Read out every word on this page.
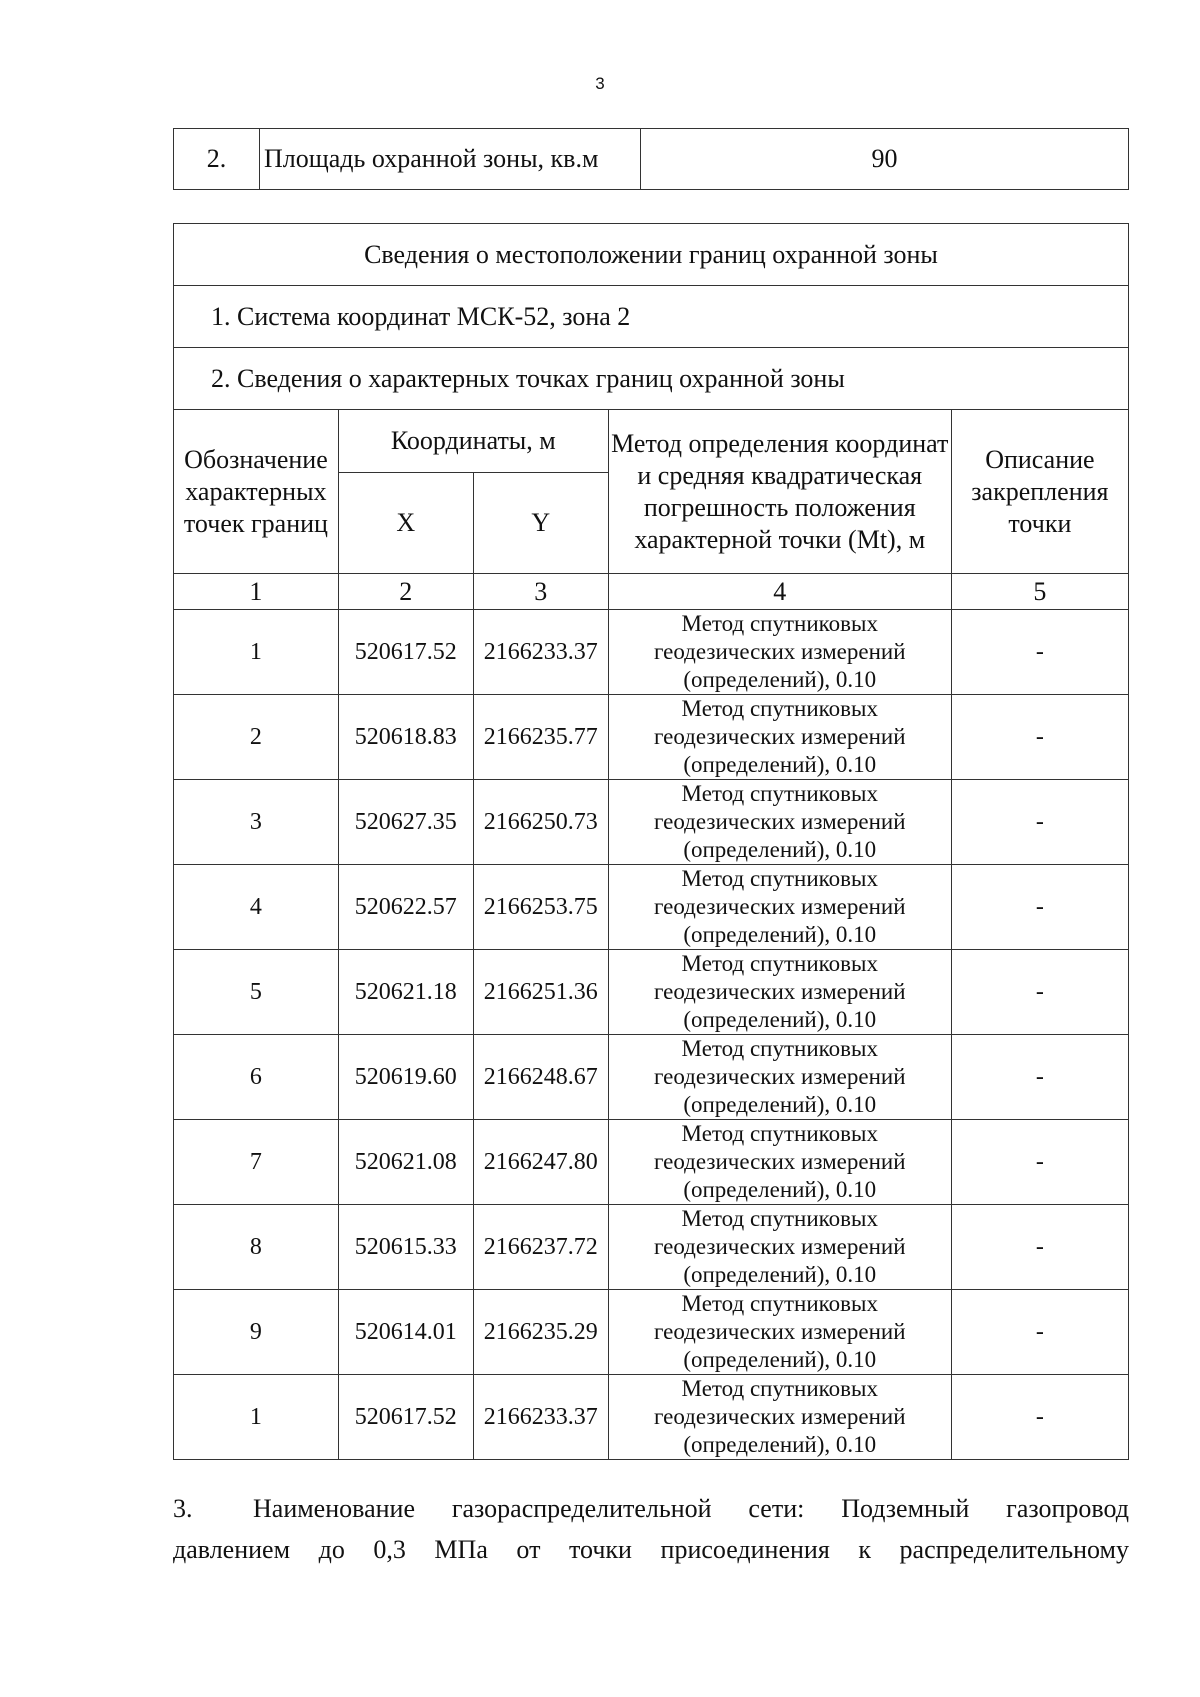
3
2.	Площадь охранной зоны, кв.м	90
Сведения о местоположении границ охранной зоны				
1. Система координат МСК-52, зона 2				
2. Сведения о характерных точках границ охранной зоны				
Обозначение характерных точек границ	Координаты, м		Метод определения координат и средняя квадратическая погрешность положения характерной точки (Mt), м	Описание закрепления точки
	X	Y		
1	2	3	4	5
1	520617.52	2166233.37	Метод спутниковых геодезических измерений (определений), 0.10	-
2	520618.83	2166235.77	Метод спутниковых геодезических измерений (определений), 0.10	-
3	520627.35	2166250.73	Метод спутниковых геодезических измерений (определений), 0.10	-
4	520622.57	2166253.75	Метод спутниковых геодезических измерений (определений), 0.10	-
5	520621.18	2166251.36	Метод спутниковых геодезических измерений (определений), 0.10	-
6	520619.60	2166248.67	Метод спутниковых геодезических измерений (определений), 0.10	-
7	520621.08	2166247.80	Метод спутниковых геодезических измерений (определений), 0.10	-
8	520615.33	2166237.72	Метод спутниковых геодезических измерений (определений), 0.10	-
9	520614.01	2166235.29	Метод спутниковых геодезических измерений (определений), 0.10	-
1	520617.52	2166233.37	Метод спутниковых геодезических измерений (определений), 0.10	-
3. Наименование газораспределительной сети: Подземный газопровод
давлением до 0,3 МПа от точки присоединения к распределительному
